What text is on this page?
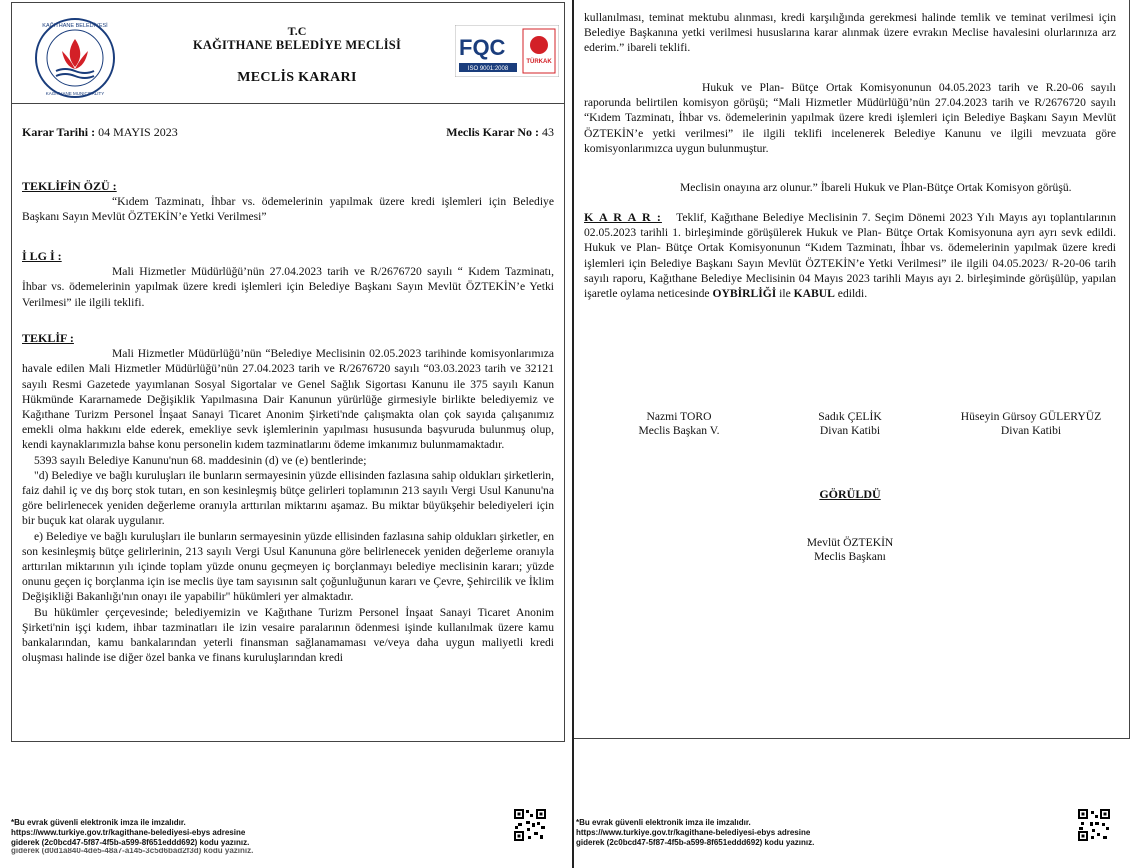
KAĞITHANE BELEDİYESİ
KAĞITHANE MUNICIPALITY
T.C
KAĞITHANE BELEDİYE MECLİSİ
MECLİS KARARI
FQC
ISO 9001:2008
TÜRKAK
Karar Tarihi : 04 MAYIS 2023	Meclis Karar No : 43
TEKLİFİN ÖZÜ :

“Kıdem Tazminatı, İhbar vs. ödemelerinin yapılmak üzere kredi işlemleri için Belediye Başkanı Sayın Mevlüt ÖZTEKİN’e Yetki Verilmesi”

İ LG İ :

Mali Hizmetler Müdürlüğü’nün 27.04.2023 tarih ve R/2676720 sayılı “ Kıdem Tazminatı, İhbar vs. ödemelerinin yapılmak üzere kredi işlemleri için Belediye Başkanı Sayın Mevlüt ÖZTEKİN’e Yetki Verilmesi” ile ilgili teklifi.

TEKLİF :

Mali Hizmetler Müdürlüğü’nün “Belediye Meclisinin 02.05.2023 tarihinde komisyonlarımıza havale edilen Mali Hizmetler Müdürlüğü’nün 27.04.2023 tarih ve R/2676720 sayılı “03.03.2023 tarih ve 32121 sayılı Resmi Gazetede yayımlanan Sosyal Sigortalar ve Genel Sağlık Sigortası Kanunu ile 375 sayılı Kanun Hükmünde Kararnamede Değişiklik Yapılmasına Dair Kanunun yürürlüğe girmesiyle birlikte belediyemiz ve Kağıthane Turizm Personel İnşaat Sanayi Ticaret Anonim Şirketi'nde çalışmakta olan çok sayıda çalışanımız emekli olma hakkını elde ederek, emekliye sevk işlemlerinin yapılması hususunda başvuruda bulunmuş olup, kendi kaynaklarımızla bahse konu personelin kıdem tazminatlarını ödeme imkanımız bulunmamaktadır.

5393 sayılı Belediye Kanunu'nun 68. maddesinin (d) ve (e) bentlerinde;

"d) Belediye ve bağlı kuruluşları ile bunların sermayesinin yüzde ellisinden fazlasına sahip oldukları şirketlerin, faiz dahil iç ve dış borç stok tutarı, en son kesinleşmiş bütçe gelirleri toplamının 213 sayılı Vergi Usul Kanunu'na göre belirlenecek yeniden değerleme oranıyla arttırılan miktarını aşamaz. Bu miktar büyükşehir belediyeleri için bir buçuk kat olarak uygulanır.

e) Belediye ve bağlı kuruluşları ile bunların sermayesinin yüzde ellisinden fazlasına sahip oldukları şirketler, en son kesinleşmiş bütçe gelirlerinin, 213 sayılı Vergi Usul Kanununa göre belirlenecek yeniden değerleme oranıyla arttırılan miktarının yılı içinde toplam yüzde onunu geçmeyen iç borçlanmayı belediye meclisinin kararı; yüzde onunu geçen iç borçlanma için ise meclis üye tam sayısının salt çoğunluğunun kararı ve Çevre, Şehircilik ve İklim Değişikliği Bakanlığı'nın onayı ile yapabilir" hükümleri yer almaktadır.

Bu hükümler çerçevesinde; belediyemizin ve Kağıthane Turizm Personel İnşaat Sanayi Ticaret Anonim Şirketi'nin işçi kıdem, ihbar tazminatları ile izin vesaire paralarının ödenmesi işinde kullanılmak üzere kamu bankalarından, kamu bankalarından yeterli finansman sağlanamaması ve/veya daha uygun maliyetli kredi oluşması halinde ise diğer özel banka ve finans kuruluşlarından kredi

*Bu evrak güvenli elektronik imza ile imzalıdır.
https://www.turkiye.gov.tr/kagithane-belediyesi-ebys adresine
giderek (2c0bcd47-5f87-4f5b-a599-8f651eddd692) kodu yazınız.
giderek (d0d1a840-4de5-48a7-a145-3c5d6bad2f3d) kodu yazınız.

kullanılması, teminat mektubu alınması, kredi karşılığında gerekmesi halinde temlik ve teminat verilmesi için Belediye Başkanına yetki verilmesi hususlarına karar alınmak üzere evrakın Meclise havalesini olurlarınıza arz ederim.” ibareli teklifi.

Hukuk ve Plan- Bütçe Ortak Komisyonunun 04.05.2023 tarih ve R.20-06 sayılı raporunda belirtilen komisyon görüşü; “Mali Hizmetler Müdürlüğü’nün 27.04.2023 tarih ve R/2676720 sayılı “Kıdem Tazminatı, İhbar vs. ödemelerinin yapılmak üzere kredi işlemleri için Belediye Başkanı Sayın Mevlüt ÖZTEKİN’e yetki verilmesi” ile ilgili teklifi incelenerek Belediye Kanunu ve ilgili mevzuata göre komisyonlarımızca uygun bulunmuştur.

Meclisin onayına arz olunur.” İbareli Hukuk ve Plan-Bütçe Ortak Komisyon görüşü.

K A R A R : Teklif, Kağıthane Belediye Meclisinin 7. Seçim Dönemi 2023 Yılı Mayıs ayı toplantılarının 02.05.2023 tarihli 1. birleşiminde görüşülerek Hukuk ve Plan- Bütçe Ortak Komisyonuna ayrı ayrı sevk edildi. Hukuk ve Plan- Bütçe Ortak Komisyonunun “Kıdem Tazminatı, İhbar vs. ödemelerinin yapılmak üzere kredi işlemleri için Belediye Başkanı Sayın Mevlüt ÖZTEKİN’e Yetki Verilmesi” ile ilgili 04.05.2023/ R-20-06 tarih sayılı raporu, Kağıthane Belediye Meclisinin 04 Mayıs 2023 tarihli Mayıs ayı 2. birleşiminde görüşülüp, yapılan işaretle oylama neticesinde OYBİRLİĞİ ile KABUL edildi.
Nazmi TORO
Meclis Başkan V.
Sadık ÇELİK
Divan Katibi
Hüseyin Gürsoy GÜLERYÜZ
Divan Katibi
GÖRÜLDÜ
Mevlüt ÖZTEKİN
Meclis Başkanı
*Bu evrak güvenli elektronik imza ile imzalıdır.
https://www.turkiye.gov.tr/kagithane-belediyesi-ebys adresine
giderek (2c0bcd47-5f87-4f5b-a599-8f651eddd692) kodu yazınız.
